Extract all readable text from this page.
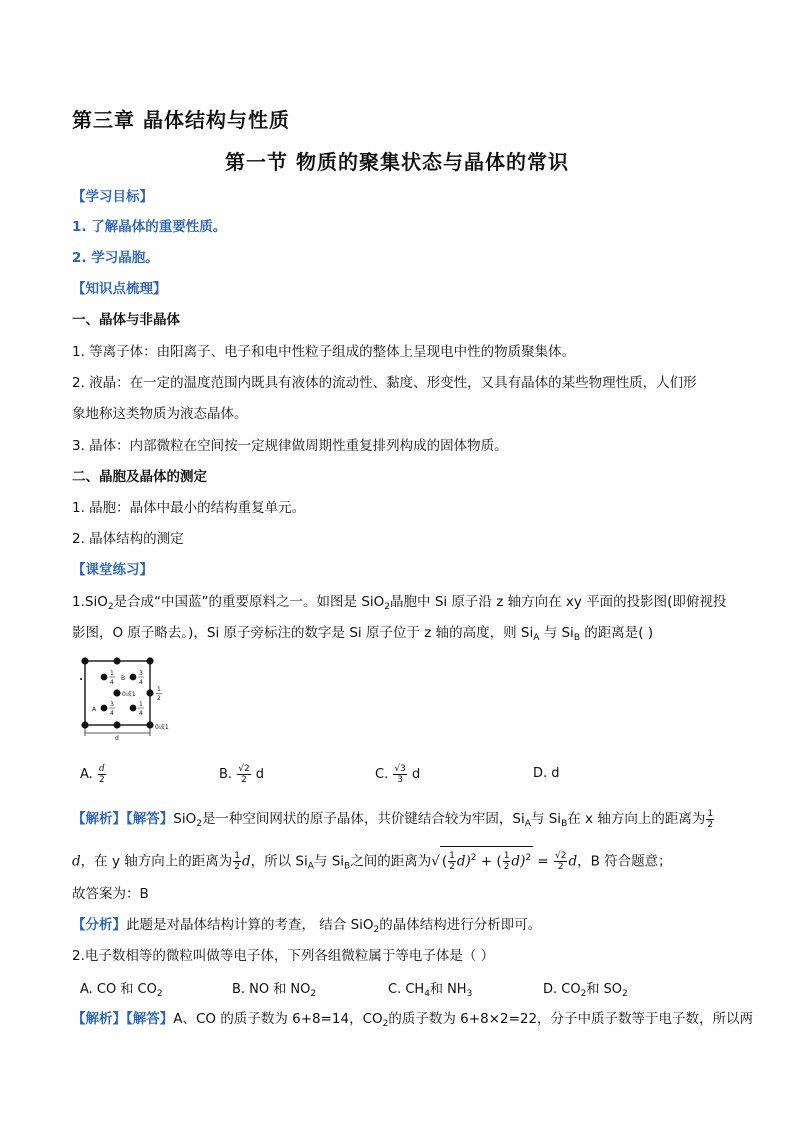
第三章 晶体结构与性质
第一节 物质的聚集状态与晶体的常识
【学习目标】
1. 了解晶体的重要性质。
2. 学习晶胞。
【知识点梳理】
一、晶体与非晶体
1. 等离子体：由阳离子、电子和电中性粒子组成的整体上呈现电中性的物质聚集体。
2. 液晶：在一定的温度范围内既具有液体的流动性、黏度、形变性，又具有晶体的某些物理性质，人们形
象地称这类物质为液态晶体。
3. 晶体：内部微粒在空间按一定规律做周期性重复排列构成的固体物质。
二、晶胞及晶体的测定
1. 晶胞：晶体中最小的结构重复单元。
2. 晶体结构的测定
【课堂练习】
1.SiO$_2$是合成“中国蓝”的重要原料之一。如图是 SiO$_2$晶胞中 Si 原子沿 z 轴方向在 xy 平面的投影图(即俯视投
影图，O 原子略去。)，Si 原子旁标注的数字是 Si 原子位于 z 轴的高度，则 $Si_A$ 与 $Si_B$ 的距离是( )
A
B
1
4
3
4
3
4
1
4
0或1
1
2
0或1
d
A. $\frac{d}{2}$	B. $\frac{√2}{2}$ d	C. $\frac{√3}{3}$ d	D. d
【解析】【解答】SiO$_2$是一种空间网状的原子晶体，共价键结合较为牢固，$Si_A$与 $Si_B$在 x 轴方向上的距离为 $\frac{1}{2}$
d，在 y 轴方向上的距离为 $\frac{1}{2}$ d，所以 $Si_A$与 $Si_B$之间的距离为√ ( $\frac{1}{2} d)^2$ + ( $\frac{1}{2} d)^2 = \frac{√2}{2}$ d，B 符合题意；
故答案为：B
【分析】此题是对晶体结构计算的考查， 结合 SiO$_2$的晶体结构进行分析即可。
2.电子数相等的微粒叫做等电子体，下列各组微粒属于等电子体是（ ）
A. CO 和 $CO_2$	B. NO 和 $NO_2$	C. $CH_4$和 $NH_3$	D. $CO_2$和 $SO_2$
【解析】【解答】A、CO 的质子数为 6+8=14，$CO_2$的质子数为 6+8×2=22，分子中质子数等于电子数，所以两
